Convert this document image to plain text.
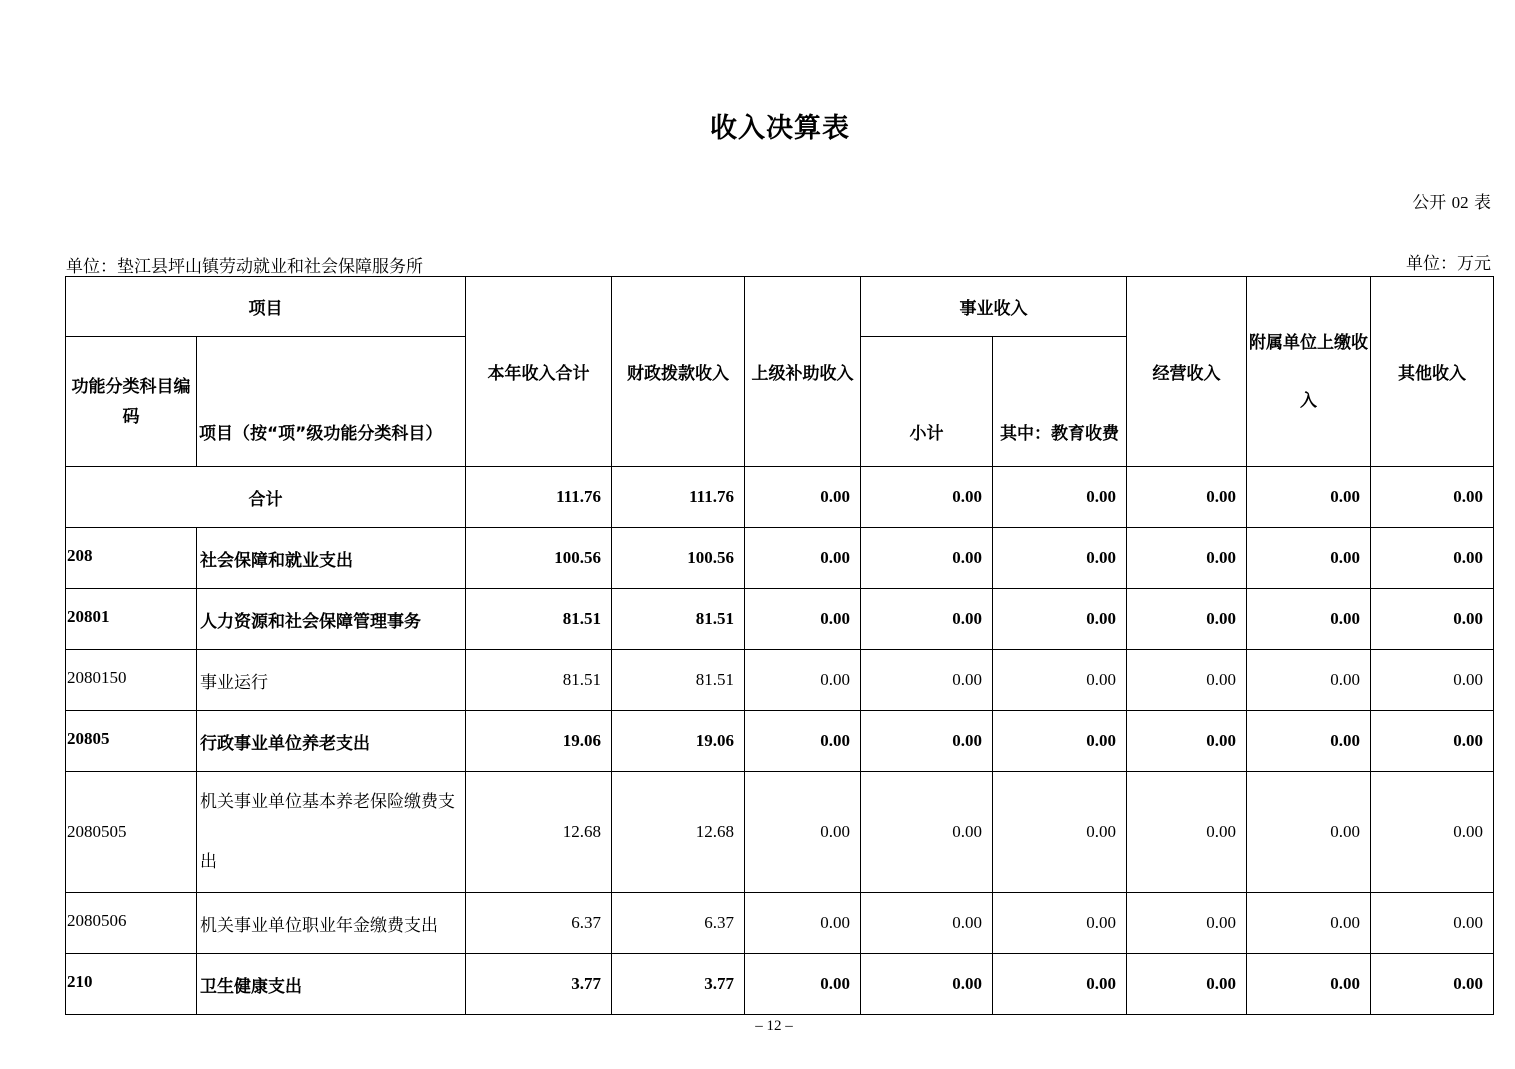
收入决算表
公开 02 表
单位：垫江县坪山镇劳动就业和社会保障服务所	单位：万元
项目		本年收入合计	财政拨款收入	上级补助收入	事业收入		经营收入	附属单位上缴收入	其他收入
功能分类科目编码	项目（按“项”级功能分类科目）				小计	其中：教育收费			
合计		111.76	111.76	0.00	0.00	0.00	0.00	0.00	0.00
208	社会保障和就业支出	100.56	100.56	0.00	0.00	0.00	0.00	0.00	0.00
20801	人力资源和社会保障管理事务	81.51	81.51	0.00	0.00	0.00	0.00	0.00	0.00
2080150	事业运行	81.51	81.51	0.00	0.00	0.00	0.00	0.00	0.00
20805	行政事业单位养老支出	19.06	19.06	0.00	0.00	0.00	0.00	0.00	0.00
2080505	机关事业单位基本养老保险缴费支出	12.68	12.68	0.00	0.00	0.00	0.00	0.00	0.00
2080506	机关事业单位职业年金缴费支出	6.37	6.37	0.00	0.00	0.00	0.00	0.00	0.00
210	卫生健康支出	3.77	3.77	0.00	0.00	0.00	0.00	0.00	0.00
– 12 –
